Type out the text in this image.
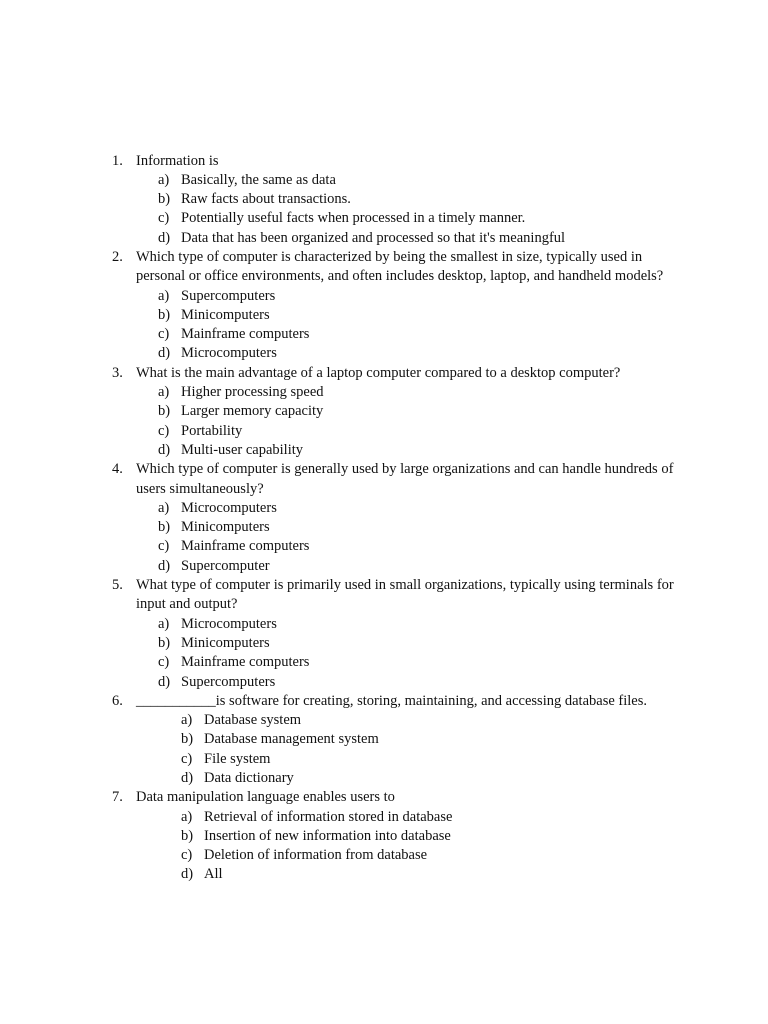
1. Information is
a) Basically, the same as data
b) Raw facts about transactions.
c) Potentially useful facts when processed in a timely manner.
d) Data that has been organized and processed so that it's meaningful
2. Which type of computer is characterized by being the smallest in size, typically used in personal or office environments, and often includes desktop, laptop, and handheld models?
a) Supercomputers
b) Minicomputers
c) Mainframe computers
d) Microcomputers
3. What is the main advantage of a laptop computer compared to a desktop computer?
a) Higher processing speed
b) Larger memory capacity
c) Portability
d) Multi-user capability
4. Which type of computer is generally used by large organizations and can handle hundreds of users simultaneously?
a) Microcomputers
b) Minicomputers
c) Mainframe computers
d) Supercomputer
5. What type of computer is primarily used in small organizations, typically using terminals for input and output?
a) Microcomputers
b) Minicomputers
c) Mainframe computers
d) Supercomputers
6. ___________is software for creating, storing, maintaining, and accessing database files.
a) Database system
b) Database management system
c) File system
d) Data dictionary
7. Data manipulation language enables users to
a) Retrieval of information stored in database
b) Insertion of new information into database
c) Deletion of information from database
d) All
